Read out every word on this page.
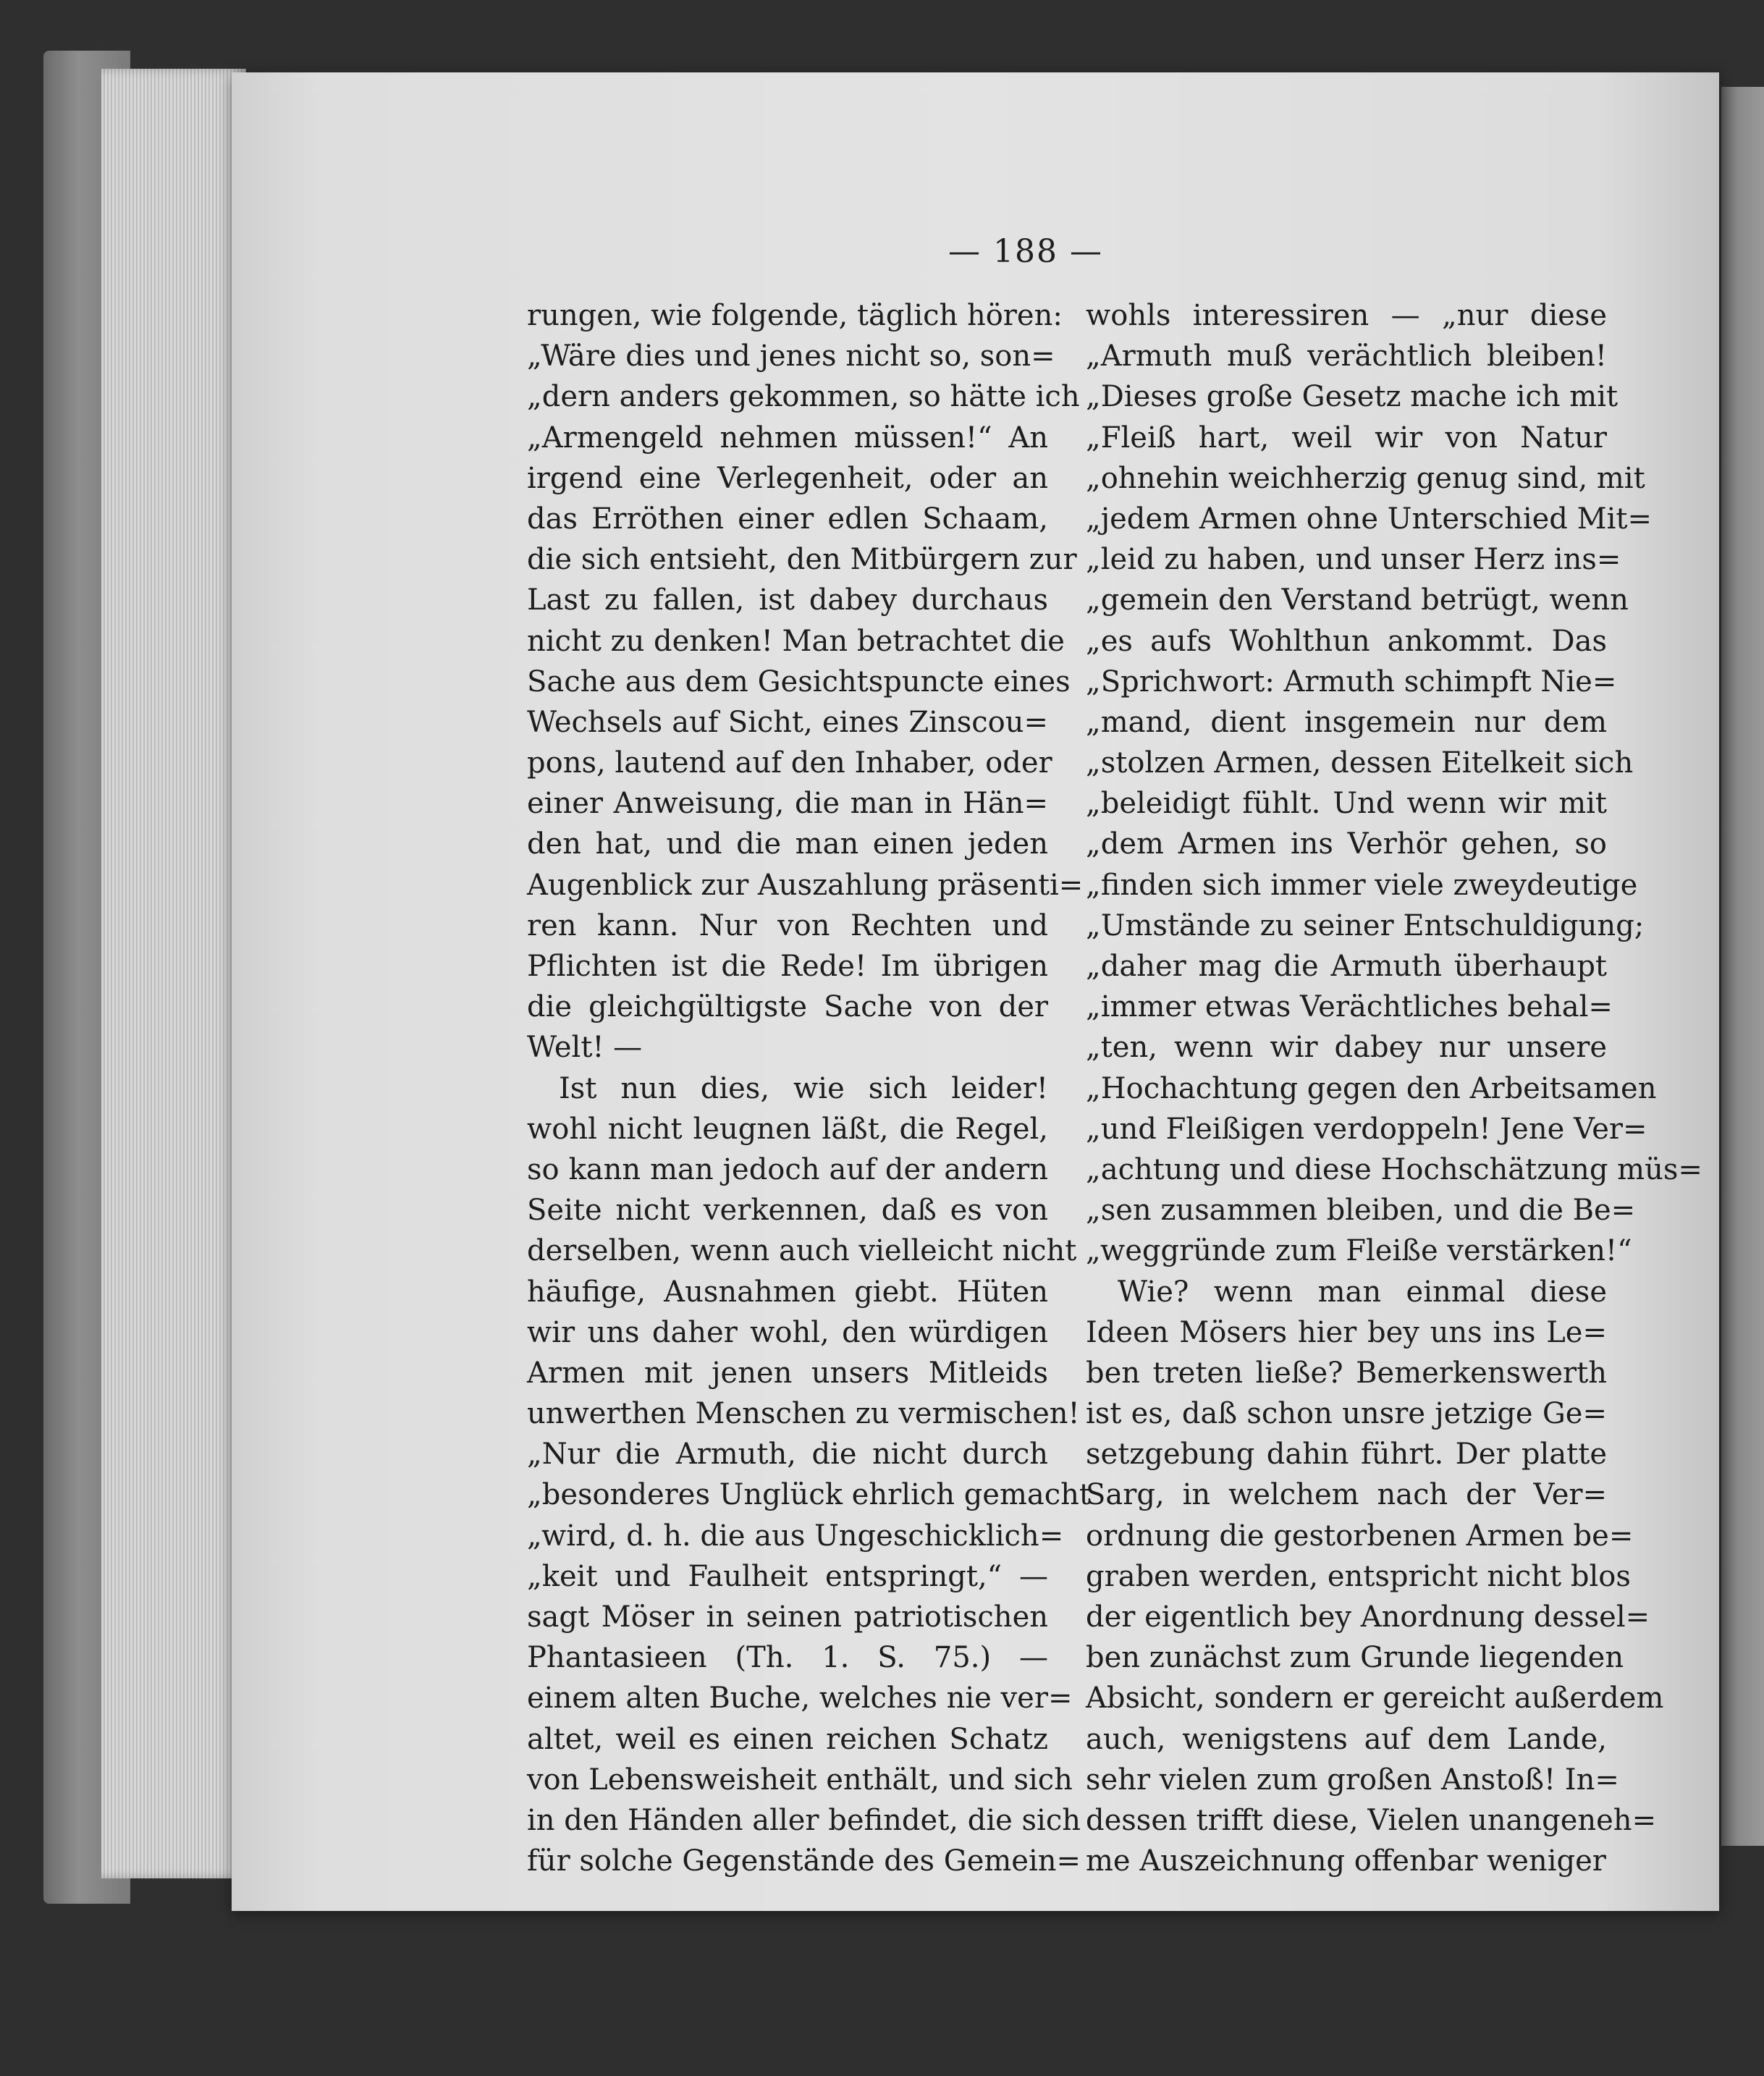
— 188 —
rungen, wie folgende, täglich hören:
„Wäre dies und jenes nicht so, son=
„dern anders gekommen, so hätte ich
„Armengeld nehmen müssen!“ An
irgend eine Verlegenheit, oder an
das Erröthen einer edlen Schaam,
die sich entsieht, den Mitbürgern zur
Last zu fallen, ist dabey durchaus
nicht zu denken! Man betrachtet die
Sache aus dem Gesichtspuncte eines
Wechsels auf Sicht, eines Zinscou=
pons, lautend auf den Inhaber, oder
einer Anweisung, die man in Hän=
den hat, und die man einen jeden
Augenblick zur Auszahlung präsenti=
ren kann. Nur von Rechten und
Pflichten ist die Rede! Im übrigen
die gleichgültigste Sache von der
Welt! —
Ist nun dies, wie sich leider!
wohl nicht leugnen läßt, die Regel,
so kann man jedoch auf der andern
Seite nicht verkennen, daß es von
derselben, wenn auch vielleicht nicht
häufige, Ausnahmen giebt. Hüten
wir uns daher wohl, den würdigen
Armen mit jenen unsers Mitleids
unwerthen Menschen zu vermischen!
„Nur die Armuth, die nicht durch
„besonderes Unglück ehrlich gemacht
„wird, d. h. die aus Ungeschicklich=
„keit und Faulheit entspringt,“ —
sagt Möser in seinen patriotischen
Phantasieen (Th. 1. S. 75.) —
einem alten Buche, welches nie ver=
altet, weil es einen reichen Schatz
von Lebensweisheit enthält, und sich
in den Händen aller befindet, die sich
für solche Gegenstände des Gemein=
wohls interessiren — „nur diese
„Armuth muß verächtlich bleiben!
„Dieses große Gesetz mache ich mit
„Fleiß hart, weil wir von Natur
„ohnehin weichherzig genug sind, mit
„jedem Armen ohne Unterschied Mit=
„leid zu haben, und unser Herz ins=
„gemein den Verstand betrügt, wenn
„es aufs Wohlthun ankommt. Das
„Sprichwort: Armuth schimpft Nie=
„mand, dient insgemein nur dem
„stolzen Armen, dessen Eitelkeit sich
„beleidigt fühlt. Und wenn wir mit
„dem Armen ins Verhör gehen, so
„finden sich immer viele zweydeutige
„Umstände zu seiner Entschuldigung;
„daher mag die Armuth überhaupt
„immer etwas Verächtliches behal=
„ten, wenn wir dabey nur unsere
„Hochachtung gegen den Arbeitsamen
„und Fleißigen verdoppeln! Jene Ver=
„achtung und diese Hochschätzung müs=
„sen zusammen bleiben, und die Be=
„weggründe zum Fleiße verstärken!“
Wie? wenn man einmal diese
Ideen Mösers hier bey uns ins Le=
ben treten ließe? Bemerkenswerth
ist es, daß schon unsre jetzige Ge=
setzgebung dahin führt. Der platte
Sarg, in welchem nach der Ver=
ordnung die gestorbenen Armen be=
graben werden, entspricht nicht blos
der eigentlich bey Anordnung dessel=
ben zunächst zum Grunde liegenden
Absicht, sondern er gereicht außerdem
auch, wenigstens auf dem Lande,
sehr vielen zum großen Anstoß! In=
dessen trifft diese, Vielen unangeneh=
me Auszeichnung offenbar weniger
